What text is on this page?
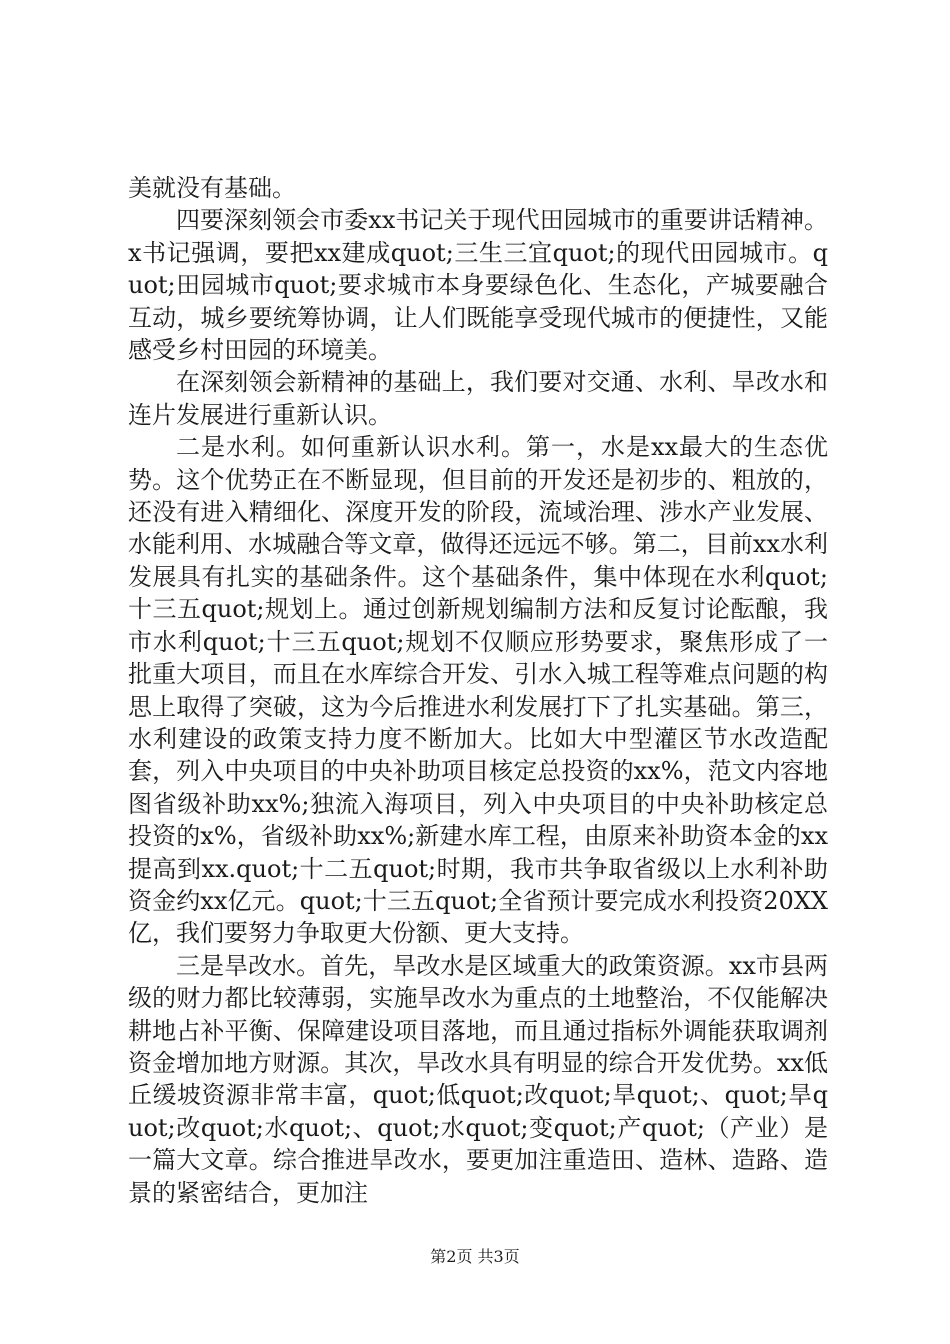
美就没有基础。

四要深刻领会市委xx书记关于现代田园城市的重要讲话精神。x书记强调，要把xx建成quot;三生三宜quot;的现代田园城市。quot;田园城市quot;要求城市本身要绿色化、生态化，产城要融合互动，城乡要统筹协调，让人们既能享受现代城市的便捷性，又能感受乡村田园的环境美。

在深刻领会新精神的基础上，我们要对交通、水利、旱改水和连片发展进行重新认识。

二是水利。如何重新认识水利。第一，水是xx最大的生态优势。这个优势正在不断显现，但目前的开发还是初步的、粗放的，还没有进入精细化、深度开发的阶段，流域治理、涉水产业发展、水能利用、水城融合等文章，做得还远远不够。第二，目前xx水利发展具有扎实的基础条件。这个基础条件，集中体现在水利quot;十三五quot;规划上。通过创新规划编制方法和反复讨论酝酿，我市水利quot;十三五quot;规划不仅顺应形势要求，聚焦形成了一批重大项目，而且在水库综合开发、引水入城工程等难点问题的构思上取得了突破，这为今后推进水利发展打下了扎实基础。第三，水利建设的政策支持力度不断加大。比如大中型灌区节水改造配套，列入中央项目的中央补助项目核定总投资的xx%，范文内容地图省级补助xx%;独流入海项目，列入中央项目的中央补助核定总投资的x%，省级补助xx%;新建水库工程，由原来补助资本金的xx提高到xx.quot;十二五quot;时期，我市共争取省级以上水利补助资金约xx亿元。quot;十三五quot;全省预计要完成水利投资20XX亿，我们要努力争取更大份额、更大支持。

三是旱改水。首先，旱改水是区域重大的政策资源。xx市县两级的财力都比较薄弱，实施旱改水为重点的土地整治，不仅能解决耕地占补平衡、保障建设项目落地，而且通过指标外调能获取调剂资金增加地方财源。其次，旱改水具有明显的综合开发优势。xx低丘缓坡资源非常丰富，quot;低quot;改quot;旱quot;、quot;旱quot;改quot;水quot;、quot;水quot;变quot;产quot;（产业）是一篇大文章。综合推进旱改水，要更加注重造田、造林、造路、造景的紧密结合，更加注

第2页 共3页
